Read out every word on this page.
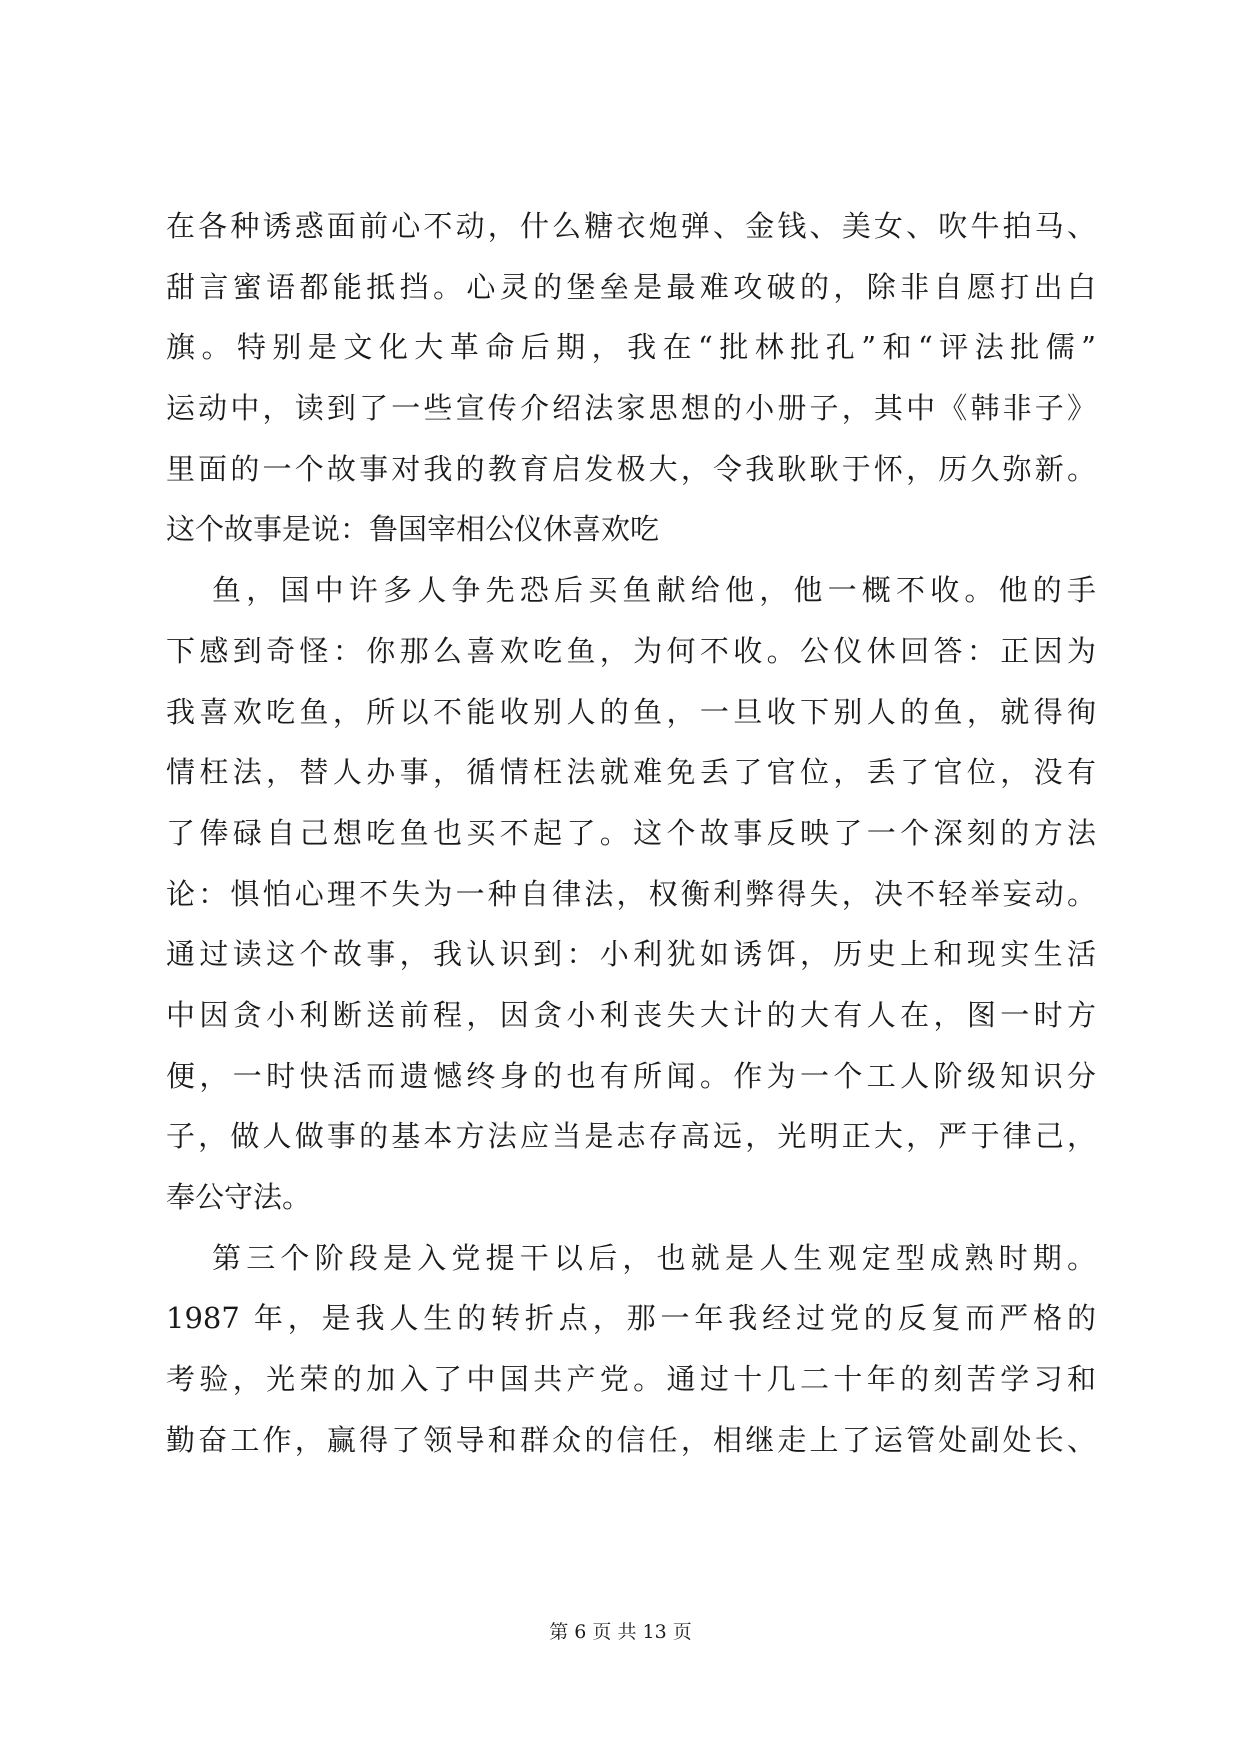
在各种诱惑面前心不动，什么糖衣炮弹、金钱、美女、吹牛拍马、
甜言蜜语都能抵挡。心灵的堡垒是最难攻破的，除非自愿打出白
旗。特别是文化大革命后期，我在“批林批孔”和“评法批儒”
运动中，读到了一些宣传介绍法家思想的小册子，其中《韩非子》
里面的一个故事对我的教育启发极大，令我耿耿于怀，历久弥新。
这个故事是说：鲁国宰相公仪休喜欢吃
鱼，国中许多人争先恐后买鱼献给他，他一概不收。他的手
下感到奇怪：你那么喜欢吃鱼，为何不收。公仪休回答：正因为
我喜欢吃鱼，所以不能收别人的鱼，一旦收下别人的鱼，就得徇
情枉法，替人办事，循情枉法就难免丢了官位，丢了官位，没有
了俸碌自己想吃鱼也买不起了。这个故事反映了一个深刻的方法
论：惧怕心理不失为一种自律法，权衡利弊得失，决不轻举妄动。
通过读这个故事，我认识到：小利犹如诱饵，历史上和现实生活
中因贪小利断送前程，因贪小利丧失大计的大有人在，图一时方
便，一时快活而遗憾终身的也有所闻。作为一个工人阶级知识分
子，做人做事的基本方法应当是志存高远，光明正大，严于律己，
奉公守法。
第三个阶段是入党提干以后，也就是人生观定型成熟时期。
1987 年，是我人生的转折点，那一年我经过党的反复而严格的
考验，光荣的加入了中国共产党。通过十几二十年的刻苦学习和
勤奋工作，赢得了领导和群众的信任，相继走上了运管处副处长、
第 6 页 共 13 页
